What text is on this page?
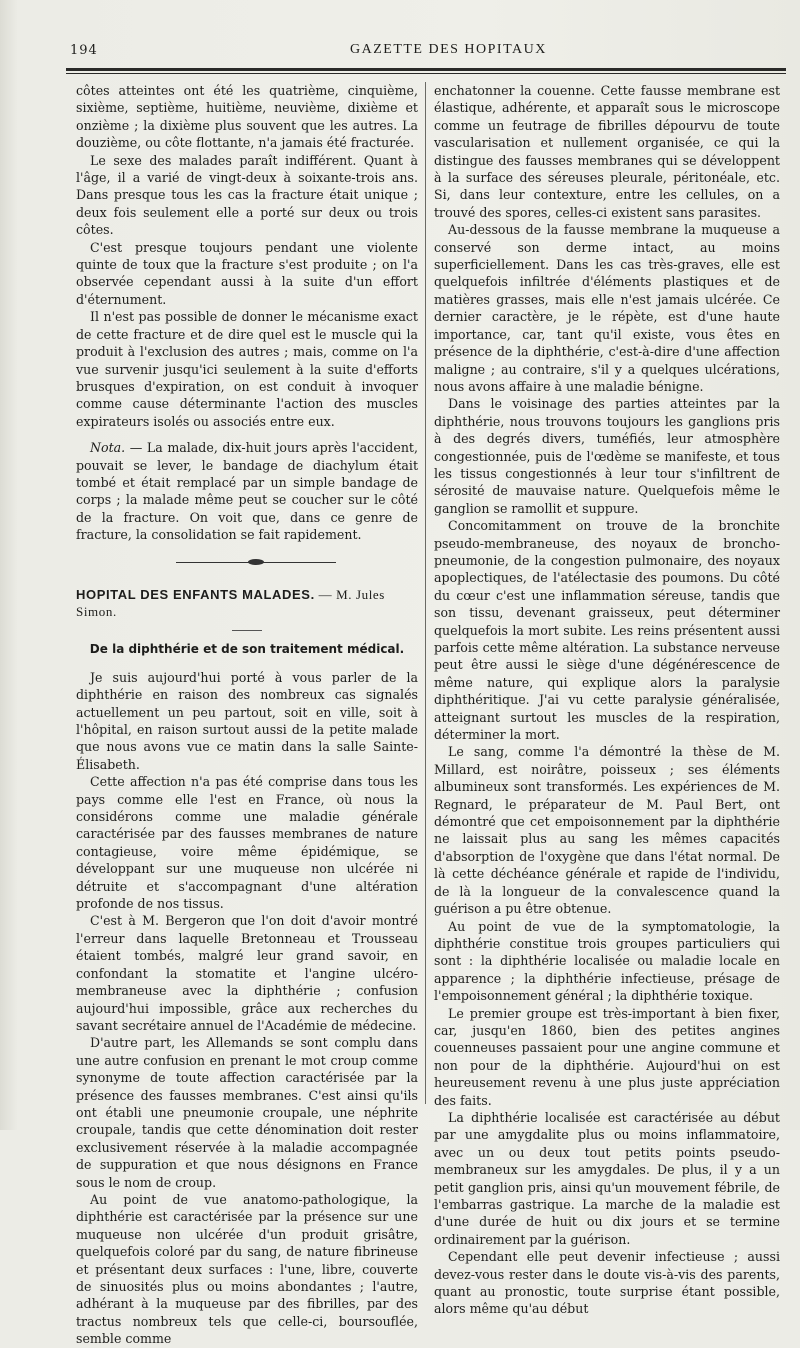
194	GAZETTE DES HOPITAUX

côtes atteintes ont été les quatrième, cinquième, sixième, septième, huitième, neuvième, dixième et onzième ; la dixième plus souvent que les autres. La douzième, ou côte flottante, n'a jamais été fracturée.

Le sexe des malades paraît indifférent. Quant à l'âge, il a varié de vingt-deux à soixante-trois ans. Dans presque tous les cas la fracture était unique ; deux fois seulement elle a porté sur deux ou trois côtes.

C'est presque toujours pendant une violente quinte de toux que la fracture s'est produite ; on l'a observée cependant aussi à la suite d'un effort d'éternument.

Il n'est pas possible de donner le mécanisme exact de cette fracture et de dire quel est le muscle qui la produit à l'exclusion des autres ; mais, comme on l'a vue survenir jusqu'ici seulement à la suite d'efforts brusques d'expiration, on est conduit à invoquer comme cause déterminante l'action des muscles expirateurs isolés ou associés entre eux.

Nota. — La malade, dix-huit jours après l'accident, pouvait se lever, le bandage de diachylum était tombé et était remplacé par un simple bandage de corps ; la malade même peut se coucher sur le côté de la fracture. On voit que, dans ce genre de fracture, la consolidation se fait rapidement.

HOPITAL DES ENFANTS MALADES. — M. Jules Simon.
De la diphthérie et de son traitement médical.

Je suis aujourd'hui porté à vous parler de la diphthérie en raison des nombreux cas signalés actuellement un peu partout, soit en ville, soit à l'hôpital, en raison surtout aussi de la petite malade que nous avons vue ce matin dans la salle Sainte-Élisabeth.

Cette affection n'a pas été comprise dans tous les pays comme elle l'est en France, où nous la considérons comme une maladie générale caractérisée par des fausses membranes de nature contagieuse, voire même épidémique, se développant sur une muqueuse non ulcérée ni détruite et s'accompagnant d'une altération profonde de nos tissus.

C'est à M. Bergeron que l'on doit d'avoir montré l'erreur dans laquelle Bretonneau et Trousseau étaient tombés, malgré leur grand savoir, en confondant la stomatite et l'angine ulcéro-membraneuse avec la diphthérie ; confusion aujourd'hui impossible, grâce aux recherches du savant secrétaire annuel de l'Académie de médecine.

D'autre part, les Allemands se sont complu dans une autre confusion en prenant le mot croup comme synonyme de toute affection caractérisée par la présence des fausses membranes. C'est ainsi qu'ils ont établi une pneumonie croupale, une néphrite croupale, tandis que cette dénomination doit rester exclusivement réservée à la maladie accompagnée de suppuration et que nous désignons en France sous le nom de croup.

Au point de vue anatomo-pathologique, la diphthérie est caractérisée par la présence sur une muqueuse non ulcérée d'un produit grisâtre, quelquefois coloré par du sang, de nature fibrineuse et présentant deux surfaces : l'une, libre, couverte de sinuosités plus ou moins abondantes ; l'autre, adhérant à la muqueuse par des fibrilles, par des tractus nombreux tels que celle-ci, boursouflée, semble comme

enchatonner la couenne. Cette fausse membrane est élastique, adhérente, et apparaît sous le microscope comme un feutrage de fibrilles dépourvu de toute vascularisation et nullement organisée, ce qui la distingue des fausses membranes qui se développent à la surface des séreuses pleurale, péritonéale, etc. Si, dans leur contexture, entre les cellules, on a trouvé des spores, celles-ci existent sans parasites.

Au-dessous de la fausse membrane la muqueuse a conservé son derme intact, au moins superficiellement. Dans les cas très-graves, elle est quelquefois infiltrée d'éléments plastiques et de matières grasses, mais elle n'est jamais ulcérée. Ce dernier caractère, je le répète, est d'une haute importance, car, tant qu'il existe, vous êtes en présence de la diphthérie, c'est-à-dire d'une affection maligne ; au contraire, s'il y a quelques ulcérations, nous avons affaire à une maladie bénigne.

Dans le voisinage des parties atteintes par la diphthérie, nous trouvons toujours les ganglions pris à des degrés divers, tuméfiés, leur atmosphère congestionnée, puis de l'œdème se manifeste, et tous les tissus congestionnés à leur tour s'infiltrent de sérosité de mauvaise nature. Quelquefois même le ganglion se ramollit et suppure.

Concomitamment on trouve de la bronchite pseudo-membraneuse, des noyaux de broncho-pneumonie, de la congestion pulmonaire, des noyaux apoplectiques, de l'atélectasie des poumons. Du côté du cœur c'est une inflammation séreuse, tandis que son tissu, devenant graisseux, peut déterminer quelquefois la mort subite. Les reins présentent aussi parfois cette même altération. La substance nerveuse peut être aussi le siège d'une dégénérescence de même nature, qui explique alors la paralysie diphthéritique. J'ai vu cette paralysie généralisée, atteignant surtout les muscles de la respiration, déterminer la mort.

Le sang, comme l'a démontré la thèse de M. Millard, est noirâtre, poisseux ; ses éléments albumineux sont transformés. Les expériences de M. Regnard, le préparateur de M. Paul Bert, ont démontré que cet empoisonnement par la diphthérie ne laissait plus au sang les mêmes capacités d'absorption de l'oxygène que dans l'état normal. De là cette déchéance générale et rapide de l'individu, de là la longueur de la convalescence quand la guérison a pu être obtenue.

Au point de vue de la symptomatologie, la diphthérie constitue trois groupes particuliers qui sont : la diphthérie localisée ou maladie locale en apparence ; la diphthérie infectieuse, présage de l'empoisonnement général ; la diphthérie toxique.

Le premier groupe est très-important à bien fixer, car, jusqu'en 1860, bien des petites angines couenneuses passaient pour une angine commune et non pour de la diphthérie. Aujourd'hui on est heureusement revenu à une plus juste appréciation des faits.

La diphthérie localisée est caractérisée au début par une amygdalite plus ou moins inflammatoire, avec un ou deux tout petits points pseudo-membraneux sur les amygdales. De plus, il y a un petit ganglion pris, ainsi qu'un mouvement fébrile, de l'embarras gastrique. La marche de la maladie est d'une durée de huit ou dix jours et se termine ordinairement par la guérison.

Cependant elle peut devenir infectieuse ; aussi devez-vous rester dans le doute vis-à-vis des parents, quant au pronostic, toute surprise étant possible, alors même qu'au début
